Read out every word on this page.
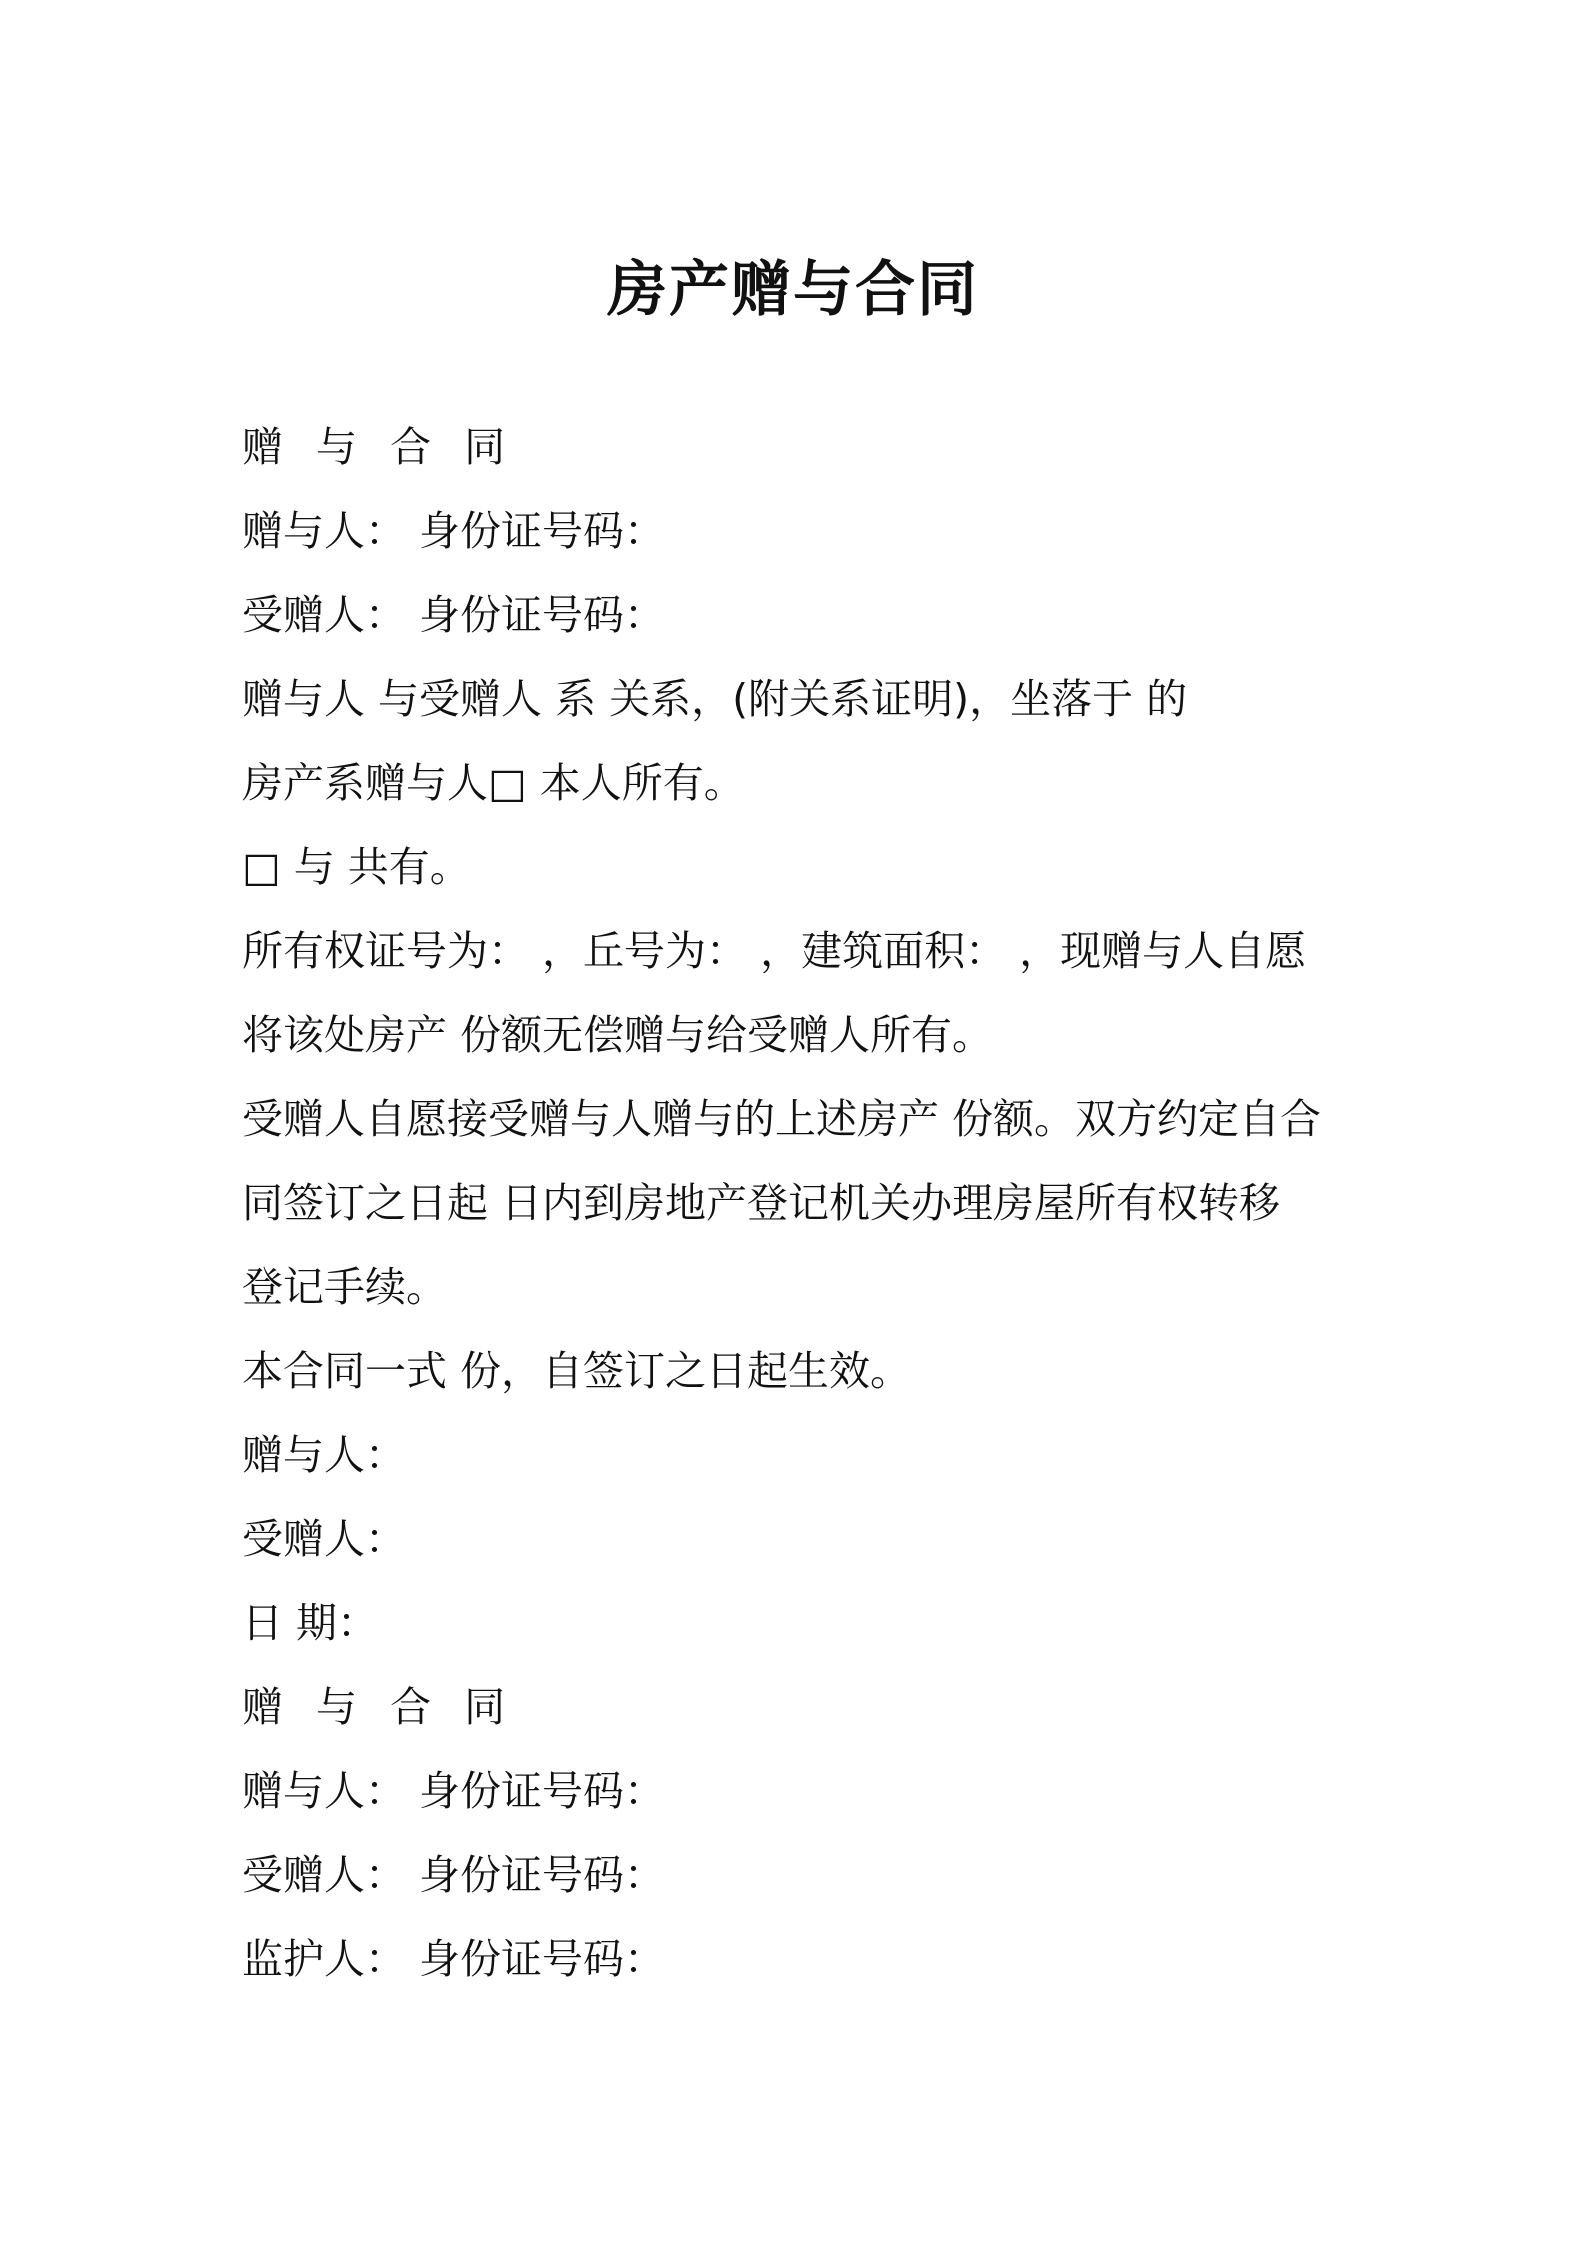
房产赠与合同

赠 与 合 同

赠与人： 身份证号码：

受赠人： 身份证号码：

赠与人 与受赠人 系 关系，(附关系证明)，坐落于 的

房产系赠与人□ 本人所有。

□ 与 共有。

所有权证号为： ，丘号为： ，建筑面积： ，现赠与人自愿

将该处房产 份额无偿赠与给受赠人所有。

受赠人自愿接受赠与人赠与的上述房产 份额。双方约定自合

同签订之日起 日内到房地产登记机关办理房屋所有权转移

登记手续。

本合同一式 份，自签订之日起生效。

赠与人：

受赠人：

日 期：

赠 与 合 同

赠与人： 身份证号码：

受赠人： 身份证号码：

监护人： 身份证号码：
